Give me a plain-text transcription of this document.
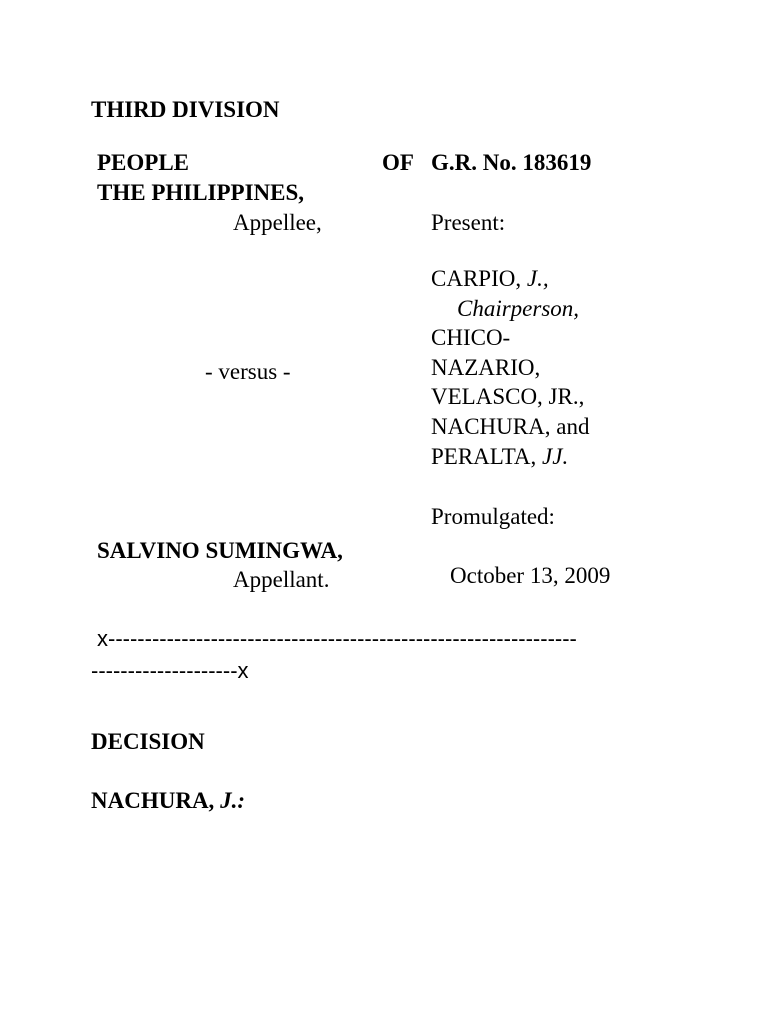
THIRD DIVISION
PEOPLE	OF
THE PHILIPPINES,
Appellee,
- versus -
SALVINO SUMINGWA,
Appellant.
G.R. No. 183619
Present:
CARPIO, J.,
Chairperson,
CHICO-
NAZARIO,
VELASCO, JR.,
NACHURA, and
PERALTA, JJ.
Promulgated:
October 13, 2009
x----------------------------------------------------------------
--------------------x
DECISION
NACHURA, J.:
